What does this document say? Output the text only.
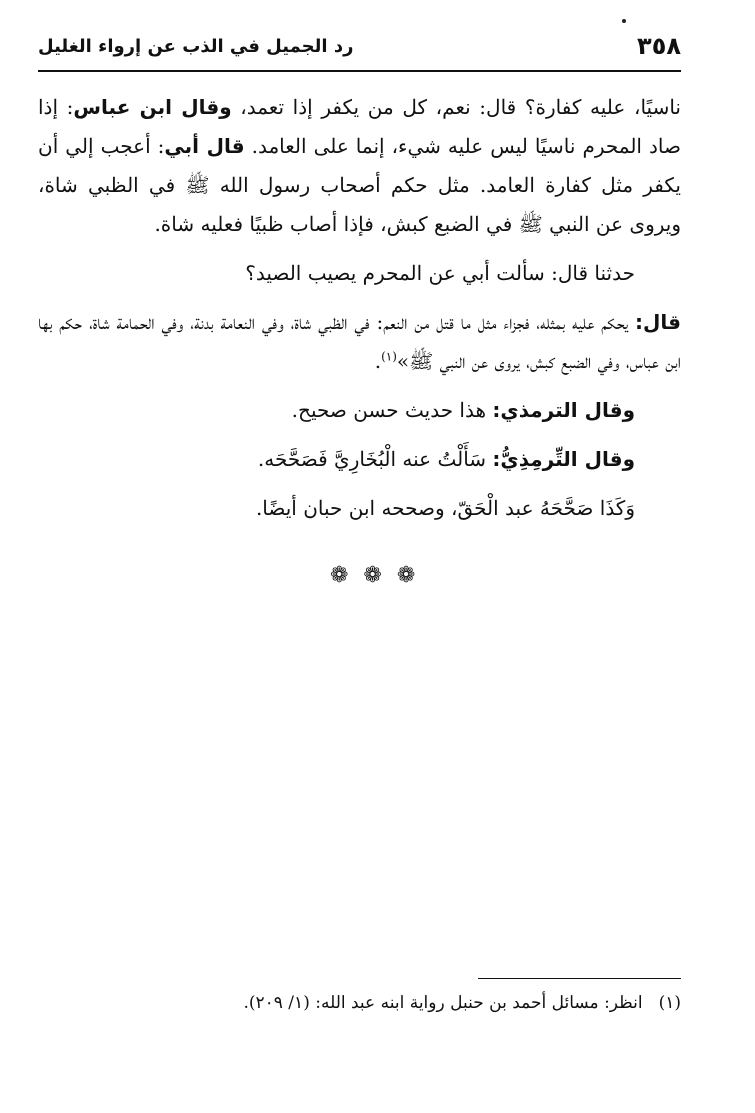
٣٥٨
رد الجميل في الذب عن إرواء الغليل

ناسيًا، عليه كفارة؟ قال: نعم، كل من يكفر إذا تعمد، وقال ابن عباس: إذا صاد المحرم ناسيًا ليس عليه شيء، إنما على العامد. قال أبي: أعجب إلي أن يكفر مثل كفارة العامد. مثل حكم أصحاب رسول الله ﷺ في الظبي شاة، ويروى عن النبي ﷺ في الضبع كبش، فإذا أصاب ظبيًا فعليه شاة.

حدثنا قال: سألت أبي عن المحرم يصيب الصيد؟

قال: يحكم عليه بمثله، فجزاء مثل ما قتل من النعم: في الظبي شاة، وفي النعامة بدنة، وفي الحمامة شاة، حكم بها ابن عباس، وفي الضبع كبش، يروى عن النبي ﷺ»$^{(١)}$.

وقال الترمذي: هذا حديث حسن صحيح.

وقال التِّرمِذِيُّ: سَأَلْتُ عنه الْبُخَارِيَّ فَصَحَّحَه.

وَكَذَا صَحَّحَهُ عبد الْحَقّ، وصححه ابن حبان أيضًا.

❁ ❁ ❁
(١)انظر: مسائل أحمد بن حنبل رواية ابنه عبد الله: (١/ ٢٠٩).
